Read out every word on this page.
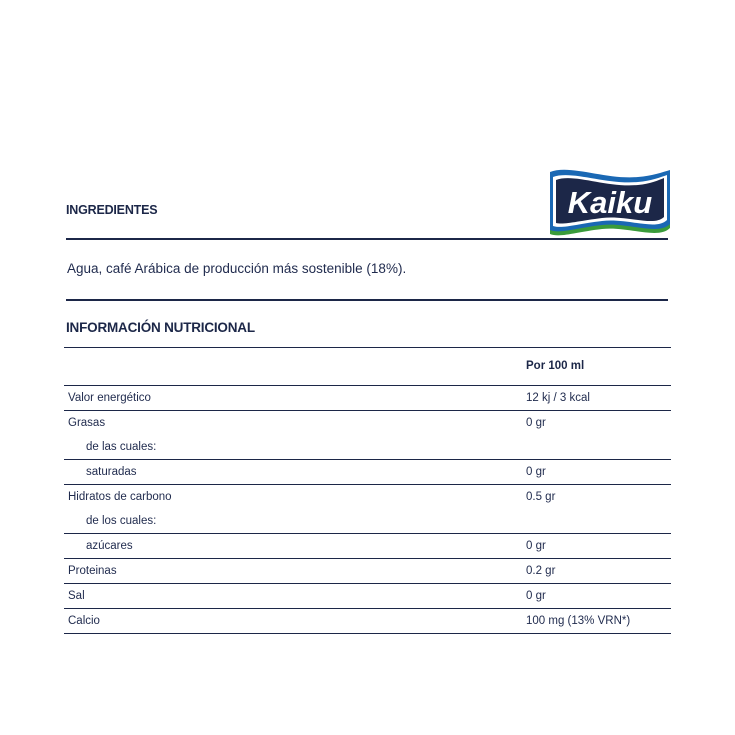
Kaiku
INGREDIENTES

Agua, café Arábica de producción más sostenible (18%).

INFORMACIÓN NUTRICIONAL
	Por 100 ml
Valor energético	12 kj / 3 kcal
Grasas	0 gr
de las cuales:	
saturadas	0 gr
Hidratos de carbono	0.5 gr
de los cuales:	
azúcares	0 gr
Proteinas	0.2 gr
Sal	0 gr
Calcio	100 mg (13% VRN*)
